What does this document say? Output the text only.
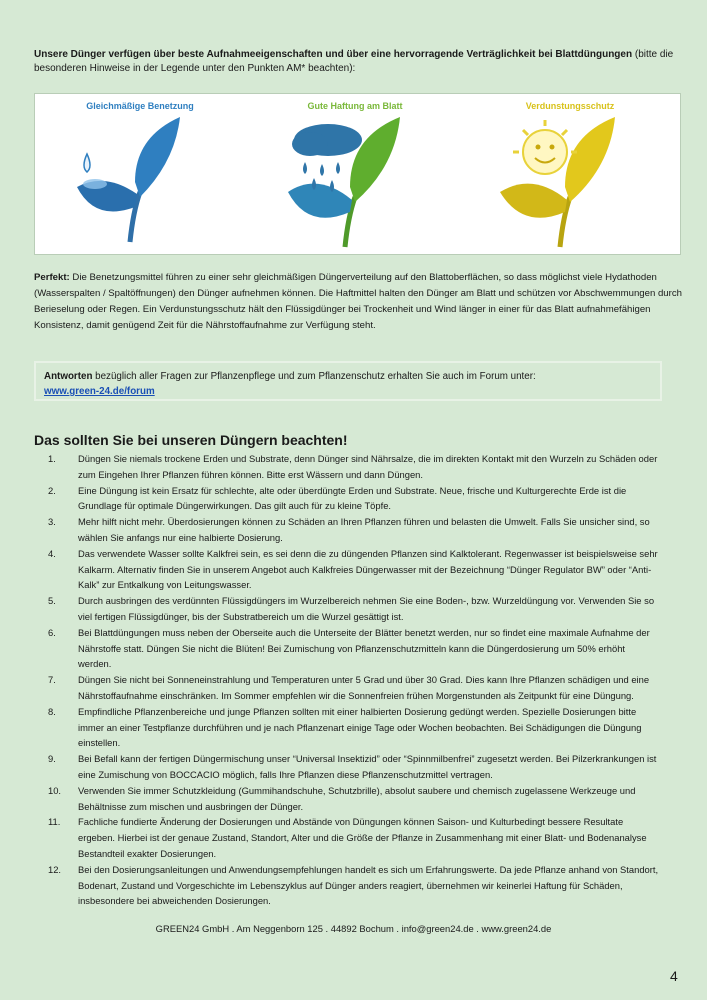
Unsere Dünger verfügen über beste Aufnahmeeigenschaften und über eine hervorragende Verträglichkeit bei Blattdüngungen (bitte die besonderen Hinweise in der Legende unter den Punkten AM* beachten):
Gleichmäßige Benetzung	Gute Haftung am Blatt	Verdunstungsschutz
Perfekt: Die Benetzungsmittel führen zu einer sehr gleichmäßigen Düngerverteilung auf den Blattoberflächen, so dass möglichst viele Hydathoden (Wasserspalten / Spaltöffnungen) den Dünger aufnehmen können. Die Haftmittel halten den Dünger am Blatt und schützen vor Abschwemmungen durch Berieselung oder Regen. Ein Verdunstungsschutz hält den Flüssigdünger bei Trockenheit und Wind länger in einer für das Blatt aufnahmefähigen Konsistenz, damit genügend Zeit für die Nährstoffaufnahme zur Verfügung steht.
Antworten bezüglich aller Fragen zur Pflanzenpflege und zum Pflanzenschutz erhalten Sie auch im Forum unter:
www.green-24.de/forum
Das sollten Sie bei unseren Düngern beachten!
1.	Düngen Sie niemals trockene Erden und Substrate, denn Dünger sind Nährsalze, die im direkten Kontakt mit den Wurzeln zu Schäden oder zum Eingehen Ihrer Pflanzen führen können. Bitte erst Wässern und dann Düngen.
2.	Eine Düngung ist kein Ersatz für schlechte, alte oder überdüngte Erden und Substrate. Neue, frische und Kulturgerechte Erde ist die Grundlage für optimale Düngerwirkungen. Das gilt auch für zu kleine Töpfe.
3.	Mehr hilft nicht mehr. Überdosierungen können zu Schäden an Ihren Pflanzen führen und belasten die Umwelt. Falls Sie unsicher sind, so wählen Sie anfangs nur eine halbierte Dosierung.
4.	Das verwendete Wasser sollte Kalkfrei sein, es sei denn die zu düngenden Pflanzen sind Kalktolerant. Regenwasser ist beispielsweise sehr Kalkarm. Alternativ finden Sie in unserem Angebot auch Kalkfreies Düngerwasser mit der Bezeichnung “Dünger Regulator BW” oder “Anti-Kalk” zur Entkalkung von Leitungswasser.
5.	Durch ausbringen des verdünnten Flüssigdüngers im Wurzelbereich nehmen Sie eine Boden-, bzw. Wurzeldüngung vor. Verwenden Sie so viel fertigen Flüssigdünger, bis der Substratbereich um die Wurzel gesättigt ist.
6.	Bei Blattdüngungen muss neben der Oberseite auch die Unterseite der Blätter benetzt werden, nur so findet eine maximale Aufnahme der Nährstoffe statt. Düngen Sie nicht die Blüten! Bei Zumischung von Pflanzenschutzmitteln kann die Düngerdosierung um 50% erhöht werden.
7.	Düngen Sie nicht bei Sonneneinstrahlung und Temperaturen unter 5 Grad und über 30 Grad. Dies kann Ihre Pflanzen schädigen und eine Nährstoffaufnahme einschränken. Im Sommer empfehlen wir die Sonnenfreien frühen Morgenstunden als Zeitpunkt für eine Düngung.
8.	Empfindliche Pflanzenbereiche und junge Pflanzen sollten mit einer halbierten Dosierung gedüngt werden. Spezielle Dosierungen bitte immer an einer Testpflanze durchführen und je nach Pflanzenart einige Tage oder Wochen beobachten. Bei Schädigungen die Düngung einstellen.
9.	Bei Befall kann der fertigen Düngermischung unser “Universal Insektizid” oder “Spinnmilbenfrei” zugesetzt werden. Bei Pilzerkrankungen ist eine Zumischung von BOCCACIO möglich, falls Ihre Pflanzen diese Pflanzenschutzmittel vertragen.
10.	Verwenden Sie immer Schutzkleidung (Gummihandschuhe, Schutzbrille), absolut saubere und chemisch zugelassene Werkzeuge und Behältnisse zum mischen und ausbringen der Dünger.
11.	Fachliche fundierte Änderung der Dosierungen und Abstände von Düngungen können Saison- und Kulturbedingt bessere Resultate ergeben. Hierbei ist der genaue Zustand, Standort, Alter und die Größe der Pflanze in Zusammenhang mit einer Blatt- und Bodenanalyse Bestandteil exakter Dosierungen.
12.	Bei den Dosierungsanleitungen und Anwendungsempfehlungen handelt es sich um Erfahrungswerte. Da jede Pflanze anhand von Standort, Bodenart, Zustand und Vorgeschichte im Lebenszyklus auf Dünger anders reagiert, übernehmen wir keinerlei Haftung für Schäden, insbesondere bei abweichenden Dosierungen.
GREEN24 GmbH . Am Neggenborn 125 . 44892 Bochum . info@green24.de . www.green24.de
4
